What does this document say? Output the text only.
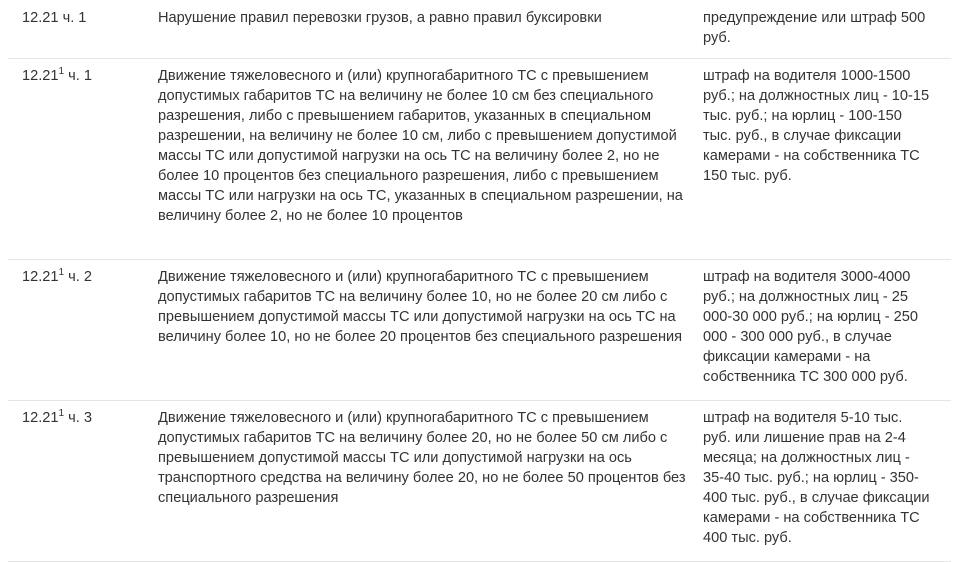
12.21 ч. 1	Нарушение правил перевозки грузов, а равно правил буксировки	предупреждение или штраф 500 руб.
12.21$^1$ ч. 1	Движение тяжеловесного и (или) крупногабаритного ТС с превышением допустимых габаритов ТС на величину не более 10 см без специального разрешения, либо с превышением габаритов, указанных в специальном разрешении, на величину не более 10 см, либо с превышением допустимой массы ТС или допустимой нагрузки на ось ТС на величину более 2, но не более 10 процентов без специального разрешения, либо с превышением массы ТС или нагрузки на ось ТС, указанных в специальном разрешении, на величину более 2, но не более 10 процентов	штраф на водителя 1000-1500 руб.; на должностных лиц - 10-15 тыс. руб.; на юрлиц - 100-150 тыс. руб., в случае фиксации камерами - на собственника ТС 150 тыс. руб.
12.21$^1$ ч. 2	Движение тяжеловесного и (или) крупногабаритного ТС с превышением допустимых габаритов ТС на величину более 10, но не более 20 см либо с превышением допустимой массы ТС или допустимой нагрузки на ось ТС на величину более 10, но не более 20 процентов без специального разрешения	штраф на водителя 3000-4000 руб.; на должностных лиц - 25 000-30 000 руб.; на юрлиц - 250 000 - 300 000 руб., в случае фиксации камерами - на собственника ТС 300 000 руб.
12.21$^1$ ч. 3	Движение тяжеловесного и (или) крупногабаритного ТС с превышением допустимых габаритов ТС на величину более 20, но не более 50 см либо с превышением допустимой массы ТС или допустимой нагрузки на ось транспортного средства на величину более 20, но не более 50 процентов без специального разрешения	штраф на водителя 5-10 тыс. руб. или лишение прав на 2-4 месяца; на должностных лиц - 35-40 тыс. руб.; на юрлиц - 350-400 тыс. руб., в случае фиксации камерами - на собственника ТС 400 тыс. руб.
